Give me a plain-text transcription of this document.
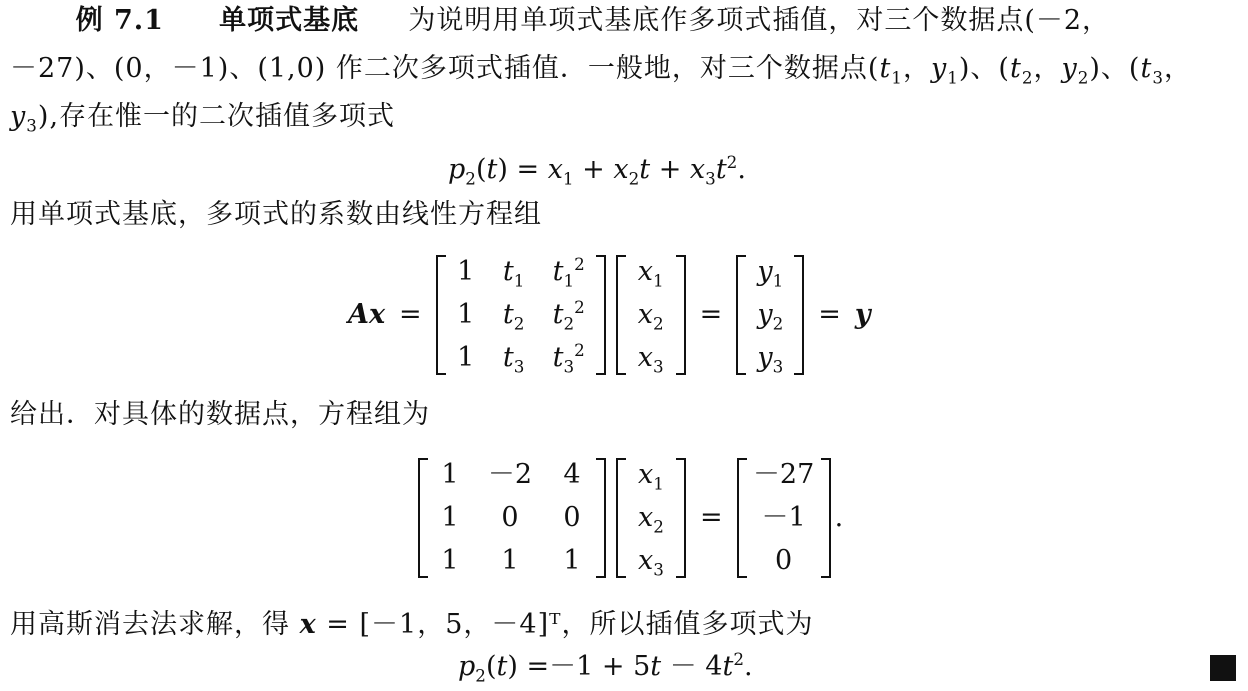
例 7.1 单项式基底 为说明用单项式基底作多项式插值，对三个数据点(－2，
－27)、(0，－1)、(1,0) 作二次多项式插值．一般地，对三个数据点($t_1$，$y_1$)、($t_2$，$y_2$)、($t_3$，
$y_3$),存在惟一的二次插值多项式
$p_2(t) = x_1 + x_2t + x_3t^2$.
用单项式基底，多项式的系数由线性方程组
Ax =
1	$t_1$	$t_1^2$
1	$t_2$	$t_2^2$
1	$t_3$	$t_3^2$
$x_1$
$x_2$
$x_3$
=
$y_1$
$y_2$
$y_3$
= y
给出．对具体的数据点，方程组为
1	－2	4
1	0	0
1	1	1
$x_1$
$x_2$
$x_3$
=
－27
－1
0
.
用高斯消去法求解，得 x = [－1，5，－4]ᵀ，所以插值多项式为
$p_2(t) =-1 + 5t - 4t^2$.
